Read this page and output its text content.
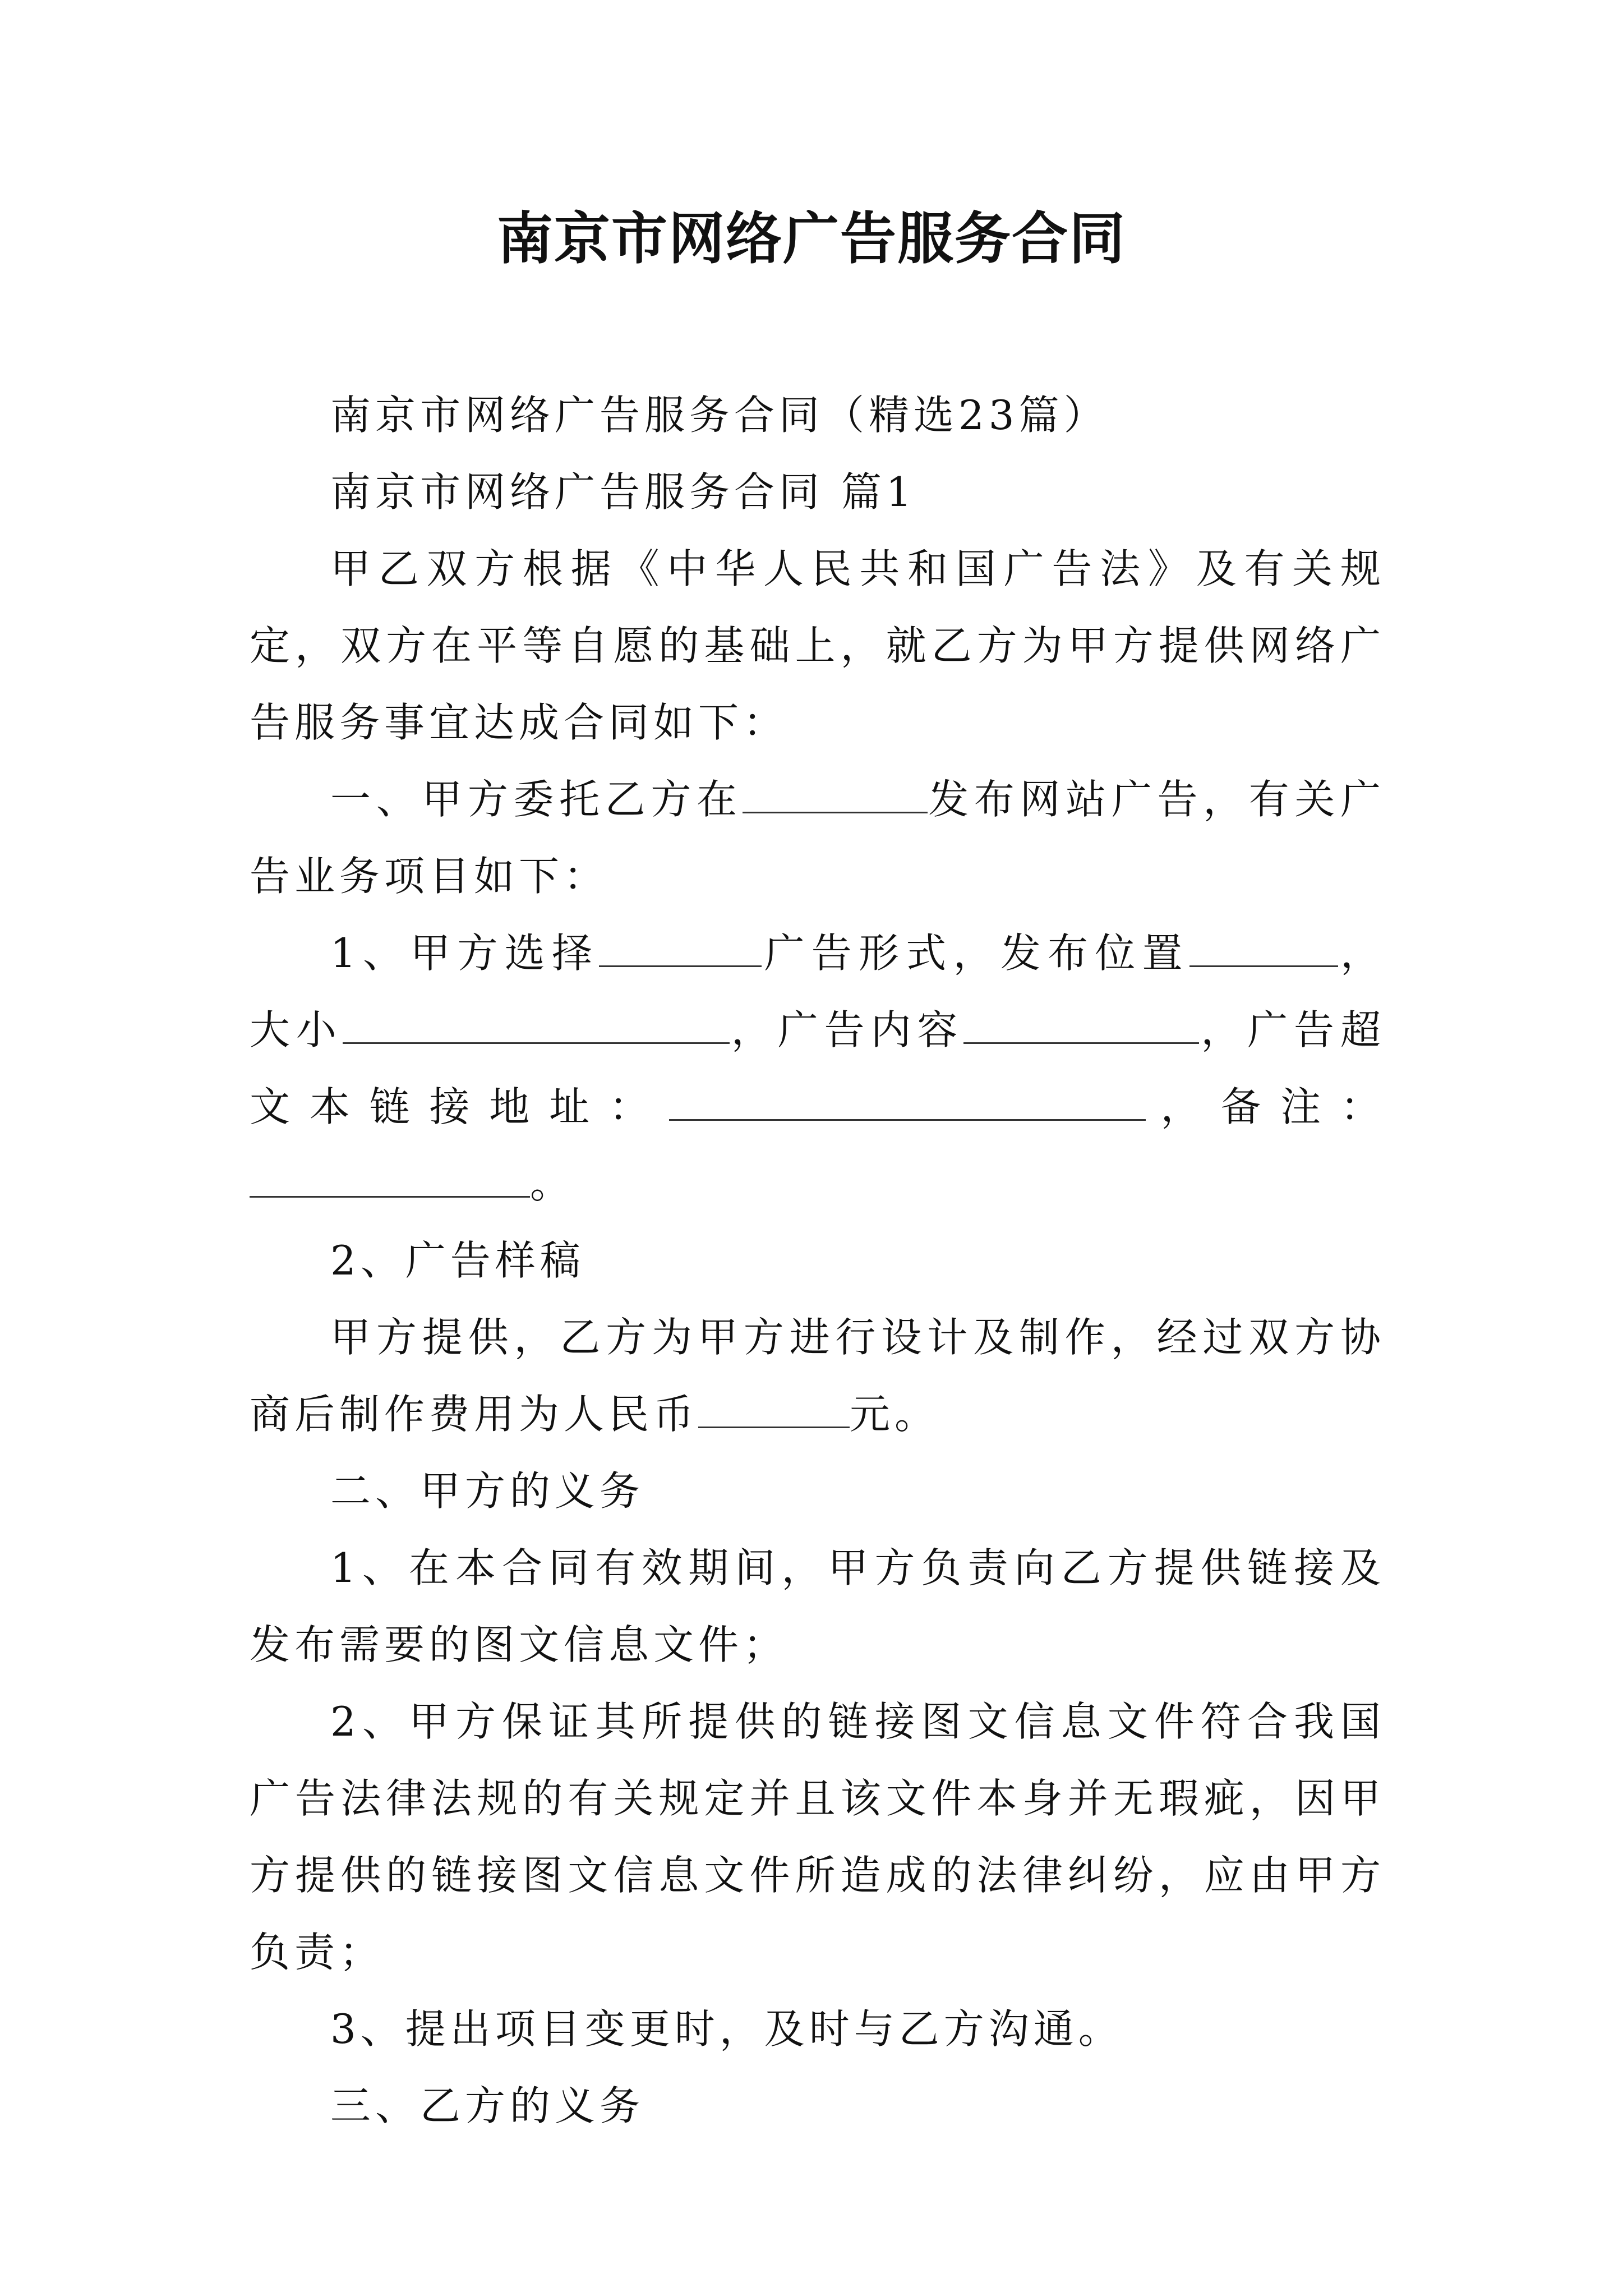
南京市网络广告服务合同

南京市网络广告服务合同（精选23篇）

南京市网络广告服务合同 篇1

甲乙双方根据《中华人民共和国广告法》及有关规定，双方在平等自愿的基础上，就乙方为甲方提供网络广告服务事宜达成合同如下：

一、甲方委托乙方在	发布网站广告，有关广告业务项目如下：

1、甲方选择	广告形式，发布位置	，大小	，广告内容	，广告超文本链接地址：	，备注：。

2、广告样稿

甲方提供，乙方为甲方进行设计及制作，经过双方协商后制作费用为人民币	元。

二、甲方的义务

1、在本合同有效期间，甲方负责向乙方提供链接及发布需要的图文信息文件；

2、甲方保证其所提供的链接图文信息文件符合我国广告法律法规的有关规定并且该文件本身并无瑕疵，因甲方提供的链接图文信息文件所造成的法律纠纷，应由甲方负责；

3、提出项目变更时，及时与乙方沟通。

三、乙方的义务
